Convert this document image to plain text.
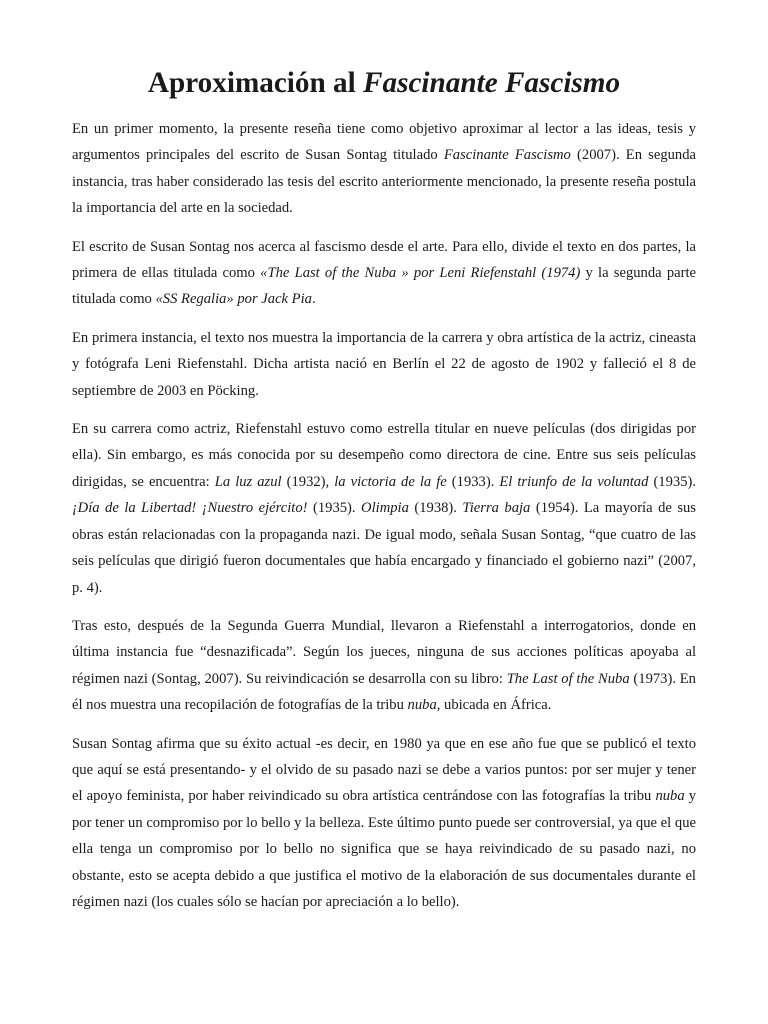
Aproximación al Fascinante Fascismo

En un primer momento, la presente reseña tiene como objetivo aproximar al lector a las ideas, tesis y argumentos principales del escrito de Susan Sontag titulado Fascinante Fascismo (2007). En segunda instancia, tras haber considerado las tesis del escrito anteriormente mencionado, la presente reseña postula la importancia del arte en la sociedad.

El escrito de Susan Sontag nos acerca al fascismo desde el arte. Para ello, divide el texto en dos partes, la primera de ellas titulada como «The Last of the Nuba » por Leni Riefenstahl (1974) y la segunda parte titulada como «SS Regalia» por Jack Pia.

En primera instancia, el texto nos muestra la importancia de la carrera y obra artística de la actriz, cineasta y fotógrafa Leni Riefenstahl. Dicha artista nació en Berlín el 22 de agosto de 1902 y falleció el 8 de septiembre de 2003 en Pöcking.

En su carrera como actriz, Riefenstahl estuvo como estrella titular en nueve películas (dos dirigidas por ella). Sin embargo, es más conocida por su desempeño como directora de cine. Entre sus seis películas dirigidas, se encuentra: La luz azul (1932), la victoria de la fe (1933). El triunfo de la voluntad (1935). ¡Día de la Libertad! ¡Nuestro ejército! (1935). Olimpia (1938). Tierra baja (1954). La mayoría de sus obras están relacionadas con la propaganda nazi. De igual modo, señala Susan Sontag, “que cuatro de las seis películas que dirigió fueron documentales que había encargado y financiado el gobierno nazi” (2007, p. 4).

Tras esto, después de la Segunda Guerra Mundial, llevaron a Riefenstahl a interrogatorios, donde en última instancia fue “desnazificada”. Según los jueces, ninguna de sus acciones políticas apoyaba al régimen nazi (Sontag, 2007). Su reivindicación se desarrolla con su libro: The Last of the Nuba (1973). En él nos muestra una recopilación de fotografías de la tribu nuba, ubicada en África.

Susan Sontag afirma que su éxito actual -es decir, en 1980 ya que en ese año fue que se publicó el texto que aquí se está presentando- y el olvido de su pasado nazi se debe a varios puntos: por ser mujer y tener el apoyo feminista, por haber reivindicado su obra artística centrándose con las fotografías la tribu nuba y por tener un compromiso por lo bello y la belleza. Este último punto puede ser controversial, ya que el que ella tenga un compromiso por lo bello no significa que se haya reivindicado de su pasado nazi, no obstante, esto se acepta debido a que justifica el motivo de la elaboración de sus documentales durante el régimen nazi (los cuales sólo se hacían por apreciación a lo bello).
